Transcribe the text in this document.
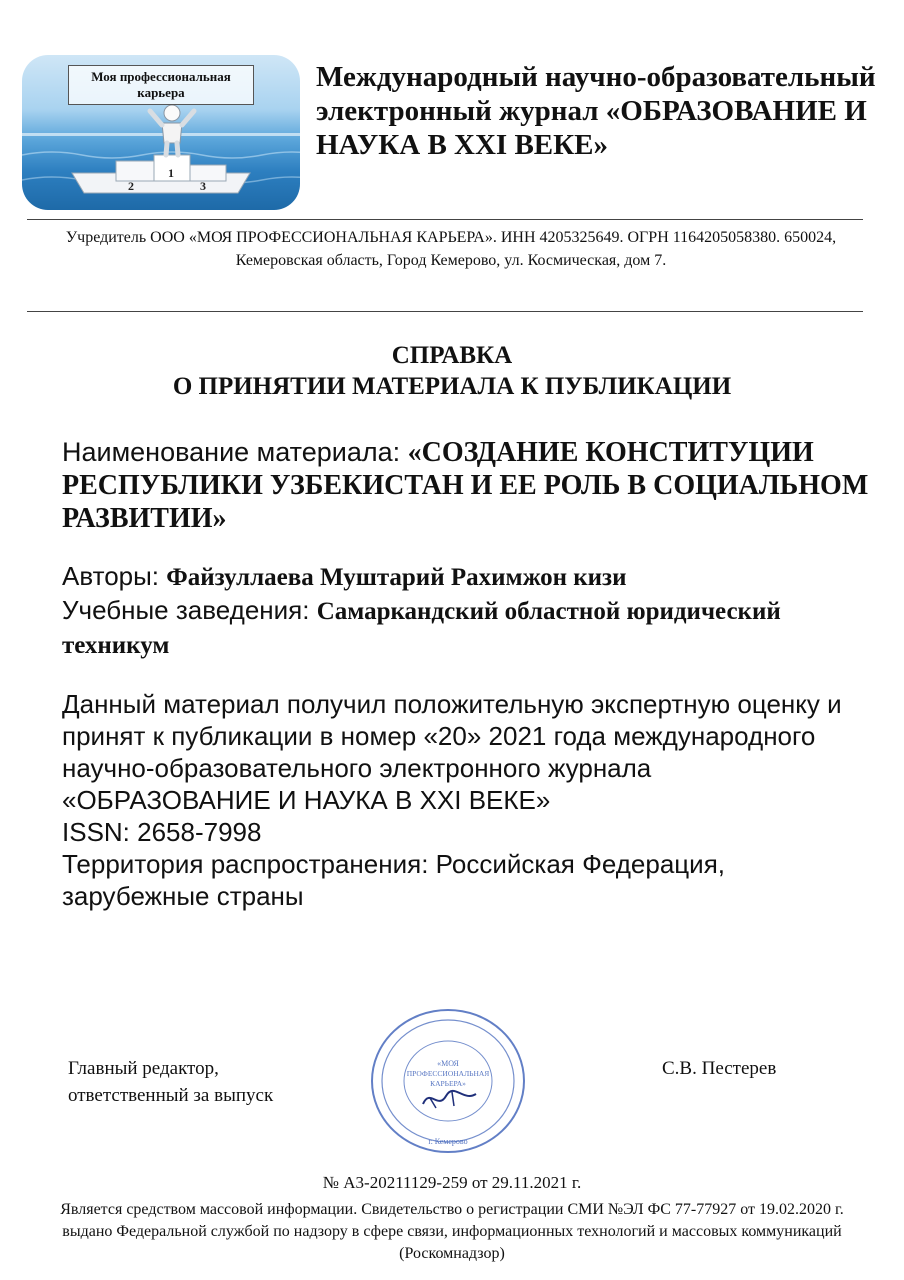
1
2	3
Моя профессиональная
карьера	Международный научно-образовательный электронный журнал «ОБРАЗОВАНИЕ И НАУКА В XXI ВЕКЕ»
Учредитель ООО «МОЯ ПРОФЕССИОНАЛЬНАЯ КАРЬЕРА». ИНН 4205325649. ОГРН 1164205058380. 650024, Кемеровская область, Город Кемерово, ул. Космическая, дом 7.
СПРАВКА
О ПРИНЯТИИ МАТЕРИАЛА К ПУБЛИКАЦИИ
Наименование материала: «СОЗДАНИЕ КОНСТИТУЦИИ РЕСПУБЛИКИ УЗБЕКИСТАН И ЕЕ РОЛЬ В СОЦИАЛЬНОМ РАЗВИТИИ»
Авторы: Файзуллаева Муштарий Рахимжон кизи
Учебные заведения: Самаркандский областной юридический техникум
Данный материал получил положительную экспертную оценку и принят к публикации в номер «20» 2021 года международного научно-образовательного электронного журнала «ОБРАЗОВАНИЕ И НАУКА В XXI ВЕКЕ»
ISSN: 2658-7998
Территория распространения: Российская Федерация, зарубежные страны
Главный редактор,
ответственный за выпуск
«МОЯ
ПРОФЕССИОНАЛЬНАЯ
КАРЬЕРА»
г. Кемерово
С.В. Пестерев
№ А3-20211129-259 от 29.11.2021 г.
Является средством массовой информации. Свидетельство о регистрации СМИ №ЭЛ ФС 77-77927 от 19.02.2020 г. выдано Федеральной службой по надзору в сфере связи, информационных технологий и массовых коммуникаций (Роскомнадзор)
